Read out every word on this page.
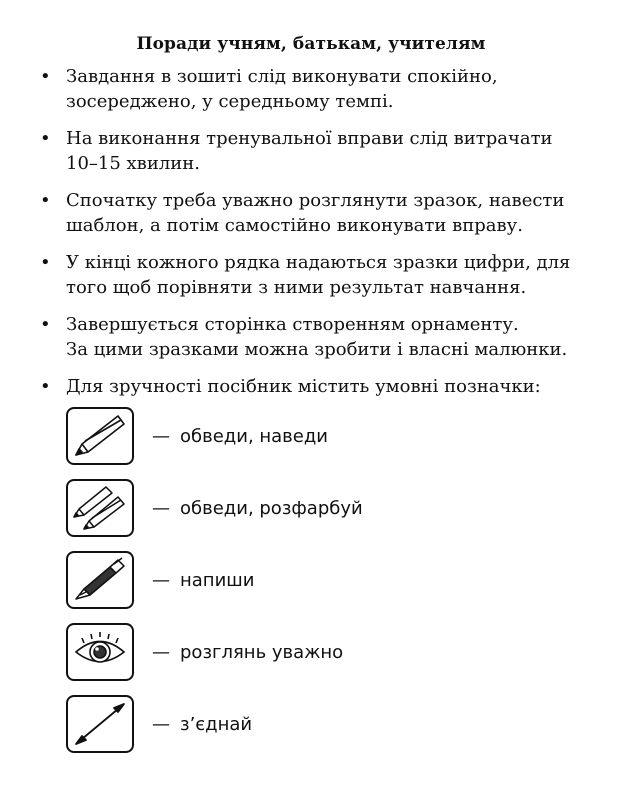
Поради учням, батькам, учителям
• Завдання в зошиті слід виконувати спокійно,
зосереджено, у середньому темпі.
• На виконання тренувальної вправи слід витрачати
10–15 хвилин.
• Спочатку треба уважно розглянути зразок, навести
шаблон, а потім самостійно виконувати вправу.
• У кінці кожного рядка надаються зразки цифри, для
того щоб порівняти з ними результат навчання.
• Завершується сторінка створенням орнаменту.
За цими зразками можна зробити і власні малюнки.
• Для зручності посібник містить умовні позначки:
— обведи, наведи
— обведи, розфарбуй
— напиши
— розглянь уважно
— з’єднай
